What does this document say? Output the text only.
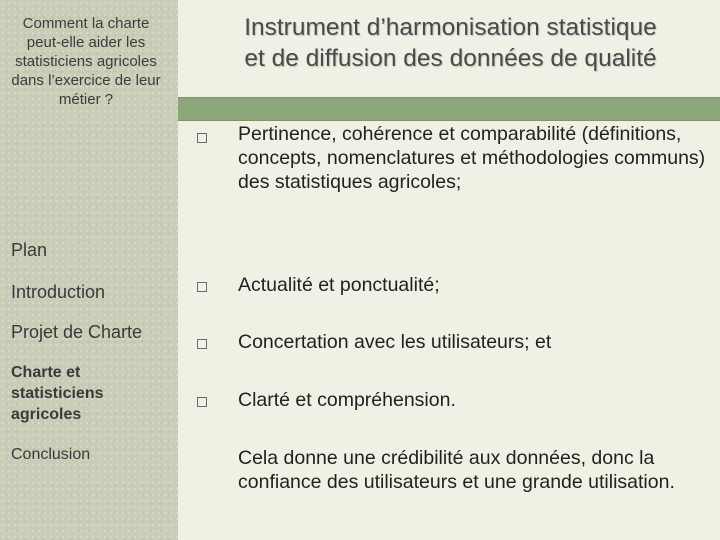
Comment la charte peut-elle aider les statisticiens agricoles dans l’exercice de leur métier ?
Plan
Introduction
Projet de Charte
Charte et statisticiens agricoles
Conclusion
Instrument d’harmonisation statistique
et de diffusion des données de qualité
Pertinence, cohérence et comparabilité (définitions, concepts, nomenclatures et méthodologies communs) des statistiques agricoles;
Actualité et ponctualité;
Concertation avec les utilisateurs; et
Clarté et compréhension.
Cela donne une crédibilité aux données, donc la confiance des utilisateurs et une grande utilisation.
